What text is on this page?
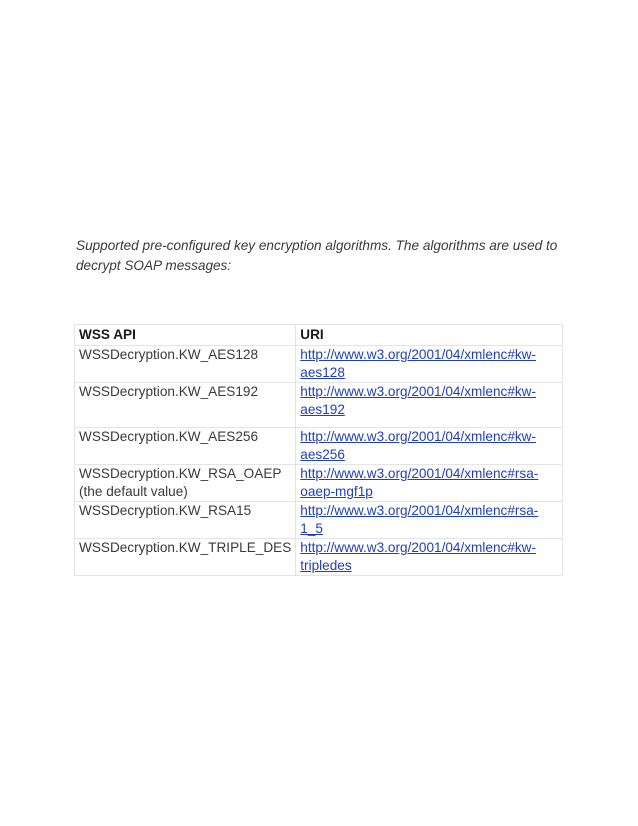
Supported pre-configured key encryption algorithms. The algorithms are used to
decrypt SOAP messages:
WSS API	URI

WSSDecryption.KW_AES128	http://www.w3.org/2001/04/xmlenc#kw-
aes128

WSSDecryption.KW_AES192	http://www.w3.org/2001/04/xmlenc#kw-
aes192

WSSDecryption.KW_AES256	http://www.w3.org/2001/04/xmlenc#kw-
aes256

WSSDecryption.KW_RSA_OAEP
(the default value)	http://www.w3.org/2001/04/xmlenc#rsa-
oaep-mgf1p

WSSDecryption.KW_RSA15	http://www.w3.org/2001/04/xmlenc#rsa-
1_5

WSSDecryption.KW_TRIPLE_DES	http://www.w3.org/2001/04/xmlenc#kw-
tripledes
